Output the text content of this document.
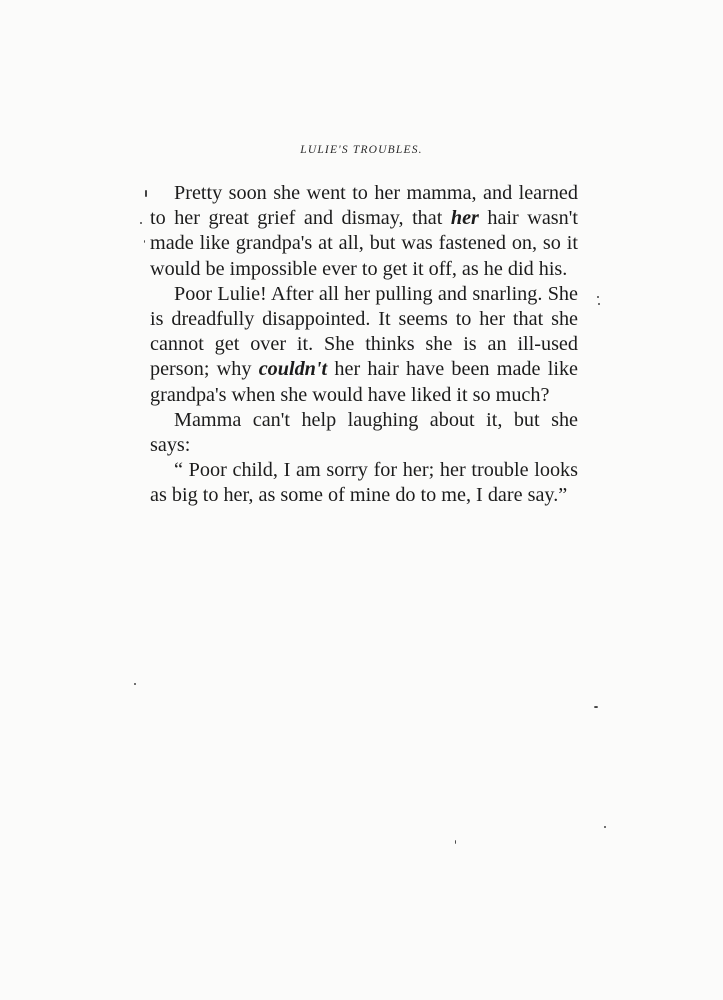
LULIE'S TROUBLES.

Pretty soon she went to her mamma, and learned to her great grief and dismay, that her hair wasn't made like grandpa's at all, but was fastened on, so it would be impossible ever to get it off, as he did his.

Poor Lulie! After all her pulling and snarling. She is dreadfully disappointed. It seems to her that she cannot get over it. She thinks she is an ill-used person; why couldn't her hair have been made like grandpa's when she would have liked it so much?

Mamma can't help laughing about it, but she says:

“ Poor child, I am sorry for her; her trouble looks as big to her, as some of mine do to me, I dare say.”
